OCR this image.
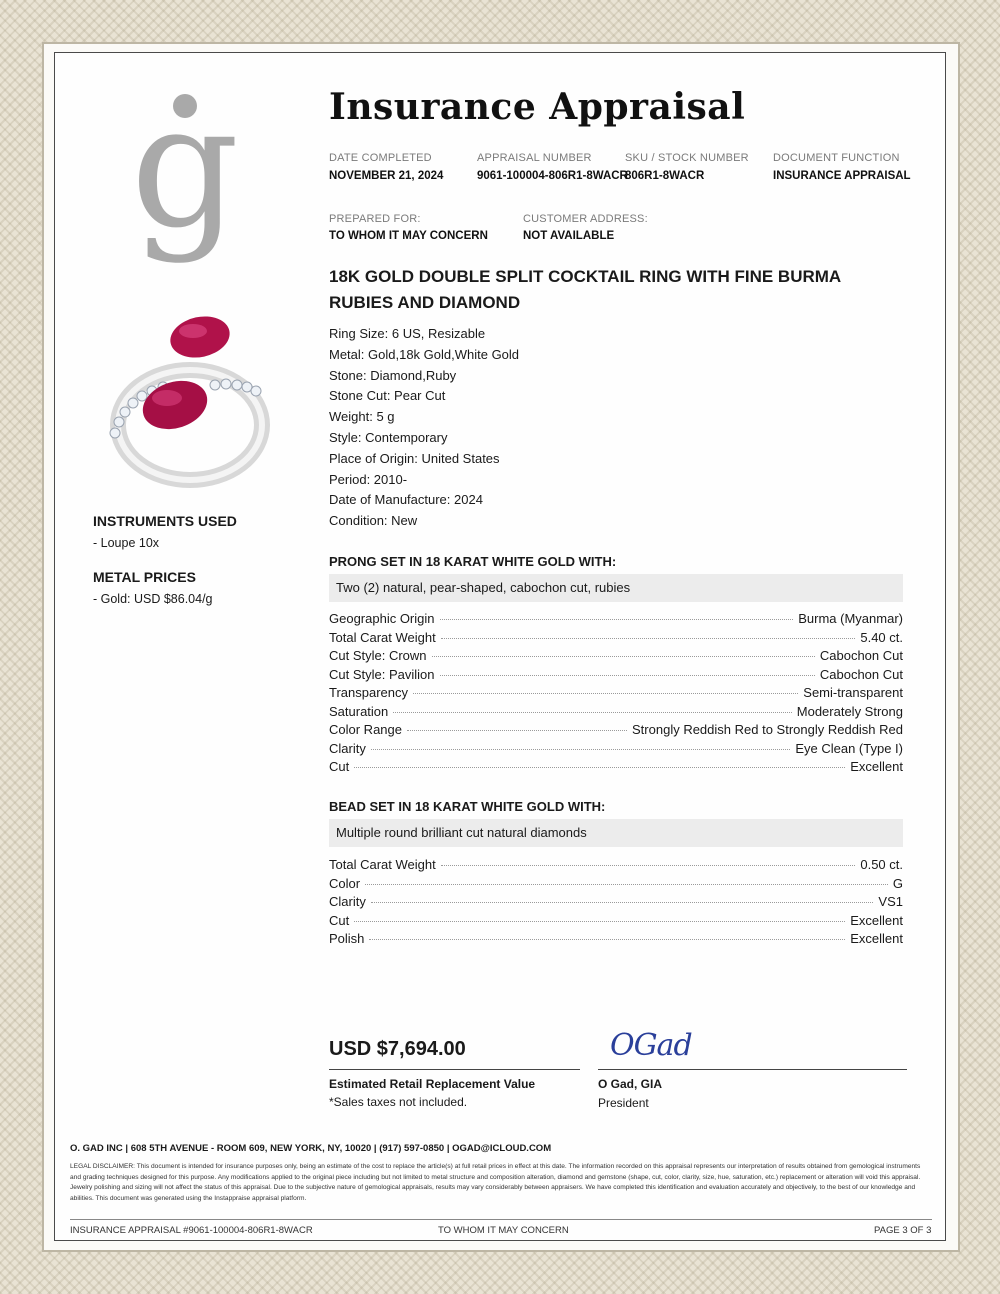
g
INSTRUMENTS USED
- Loupe 10x
METAL PRICES
- Gold: USD $86.04/g
Insurance Appraisal
DATE COMPLETED
NOVEMBER 21, 2024
APPRAISAL NUMBER
9061-100004-806R1-8WACR
SKU / STOCK NUMBER
806R1-8WACR
DOCUMENT FUNCTION
INSURANCE APPRAISAL
PREPARED FOR:
TO WHOM IT MAY CONCERN
CUSTOMER ADDRESS:
NOT AVAILABLE
18K GOLD DOUBLE SPLIT COCKTAIL RING WITH FINE BURMA RUBIES AND DIAMOND
Ring Size: 6 US, Resizable
Metal: Gold,18k Gold,White Gold
Stone: Diamond,Ruby
Stone Cut: Pear Cut
Weight: 5 g
Style: Contemporary
Place of Origin: United States
Period: 2010-
Date of Manufacture: 2024
Condition: New
PRONG SET IN 18 KARAT WHITE GOLD WITH:
Two (2) natural, pear-shaped, cabochon cut, rubies
Geographic Origin	Burma (Myanmar)
Total Carat Weight	5.40 ct.
Cut Style: Crown	Cabochon Cut
Cut Style: Pavilion	Cabochon Cut
Transparency	Semi-transparent
Saturation	Moderately Strong
Color Range	Strongly Reddish Red to Strongly Reddish Red
Clarity	Eye Clean (Type I)
Cut	Excellent
BEAD SET IN 18 KARAT WHITE GOLD WITH:
Multiple round brilliant cut natural diamonds
Total Carat Weight	0.50 ct.
Color	G
Clarity	VS1
Cut	Excellent
Polish	Excellent
USD $7,694.00
Estimated Retail Replacement Value
*Sales taxes not included.
OGad
O Gad, GIA
President
O. GAD INC | 608 5TH AVENUE - ROOM 609, NEW YORK, NY, 10020 | (917) 597-0850 | OGAD@ICLOUD.COM
LEGAL DISCLAIMER: This document is intended for insurance purposes only, being an estimate of the cost to replace the article(s) at full retail prices in effect at this date. The information recorded on this appraisal represents our interpretation of results obtained from gemological instruments and grading techniques designed for this purpose. Any modifications applied to the original piece including but not limited to metal structure and composition alteration, diamond and gemstone (shape, cut, color, clarity, size, hue, saturation, etc.) replacement or alteration will void this appraisal. Jewelry polishing and sizing will not affect the status of this appraisal. Due to the subjective nature of gemological appraisals, results may vary considerably between appraisers. We have completed this identification and evaluation accurately and objectively, to the best of our knowledge and abilities. This document was generated using the Instappraise appraisal platform.
INSURANCE APPRAISAL #9061-100004-806R1-8WACR	TO WHOM IT MAY CONCERN	PAGE 3 OF 3
